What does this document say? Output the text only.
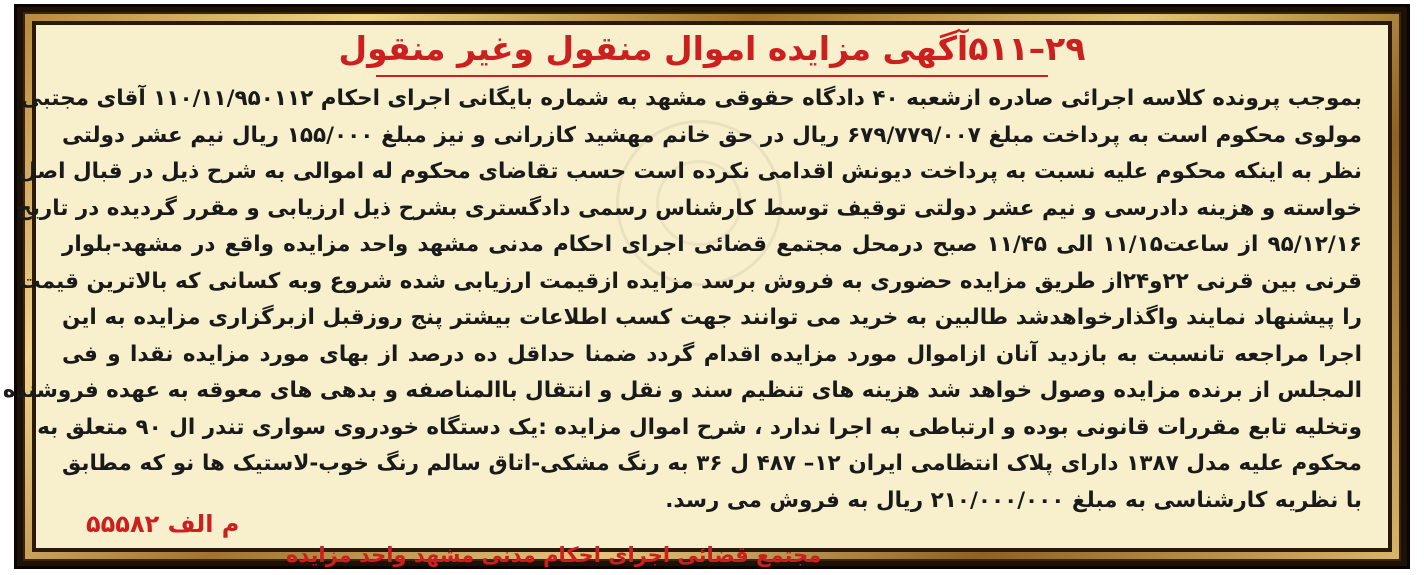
۲۹–۵۱۱آگهی مزایده اموال منقول وغیر منقول
بموجب پرونده کلاسه اجرائی صادره ازشعبه ۴۰ دادگاه حقوقی مشهد به شماره بایگانی اجرای احکام ۱۱۰/۱۱/۹۵۰۱۱۲ آقای مجتبی
مولوی محکوم است به پرداخت مبلغ ۶۷۹/۷۷۹/۰۰۷ ریال در حق خانم مهشید کازرانی و نیز مبلغ ۱۵۵/۰۰۰ ریال نیم عشر دولتی
نظر به اینکه محکوم علیه نسبت به پرداخت دیونش اقدامی نکرده است حسب تقاضای محکوم له اموالی به شرح ذیل در قبال اصل
خواسته و هزینه دادرسی و نیم عشر دولتی توقیف توسط کارشناس رسمی دادگستری بشرح ذیل ارزیابی و مقرر گردیده در تاریخ
۹۵/۱۲/۱۶ از ساعت۱۱/۱۵ الی ۱۱/۴۵ صبح درمحل مجتمع قضائی اجرای احکام مدنی مشهد واحد مزایده واقع در مشهد-بلوار
قرنی بین قرنی ۲۲و۲۴از طریق مزایده حضوری به فروش برسد مزایده ازقیمت ارزیابی شده شروع وبه کسانی که بالاترین قیمت
را پیشنهاد نمایند واگذارخواهدشد طالبین به خرید می توانند جهت کسب اطلاعات بیشتر پنج روزقبل ازبرگزاری مزایده به این
اجرا مراجعه تانسبت به بازدید آنان ازاموال مورد مزایده اقدام گردد ضمنا حداقل ده درصد از بهای مورد مزایده نقدا و فی
المجلس از برنده مزایده وصول خواهد شد هزینه های تنظیم سند و نقل و انتقال باالمناصفه و بدهی های معوقه به عهده فروشنده
وتخلیه تابع مقررات قانونی بوده و ارتباطی به اجرا ندارد ، شرح اموال مزایده :یک دستگاه خودروی سواری تندر ال ۹۰ متعلق به
محکوم علیه مدل ۱۳۸۷ دارای پلاک انتظامی ایران ۱۲– ۴۸۷ ل ۳۶ به رنگ مشکی-اتاق سالم رنگ خوب-لاستیک ها نو که مطابق
با نظریه کارشناسی به مبلغ ۲۱۰/۰۰۰/۰۰۰ ریال به فروش می رسد.
م الف ۵۵۵۸۲
مجتمع قضائی اجرای احکام مدنی مشهد واحد مزایده
